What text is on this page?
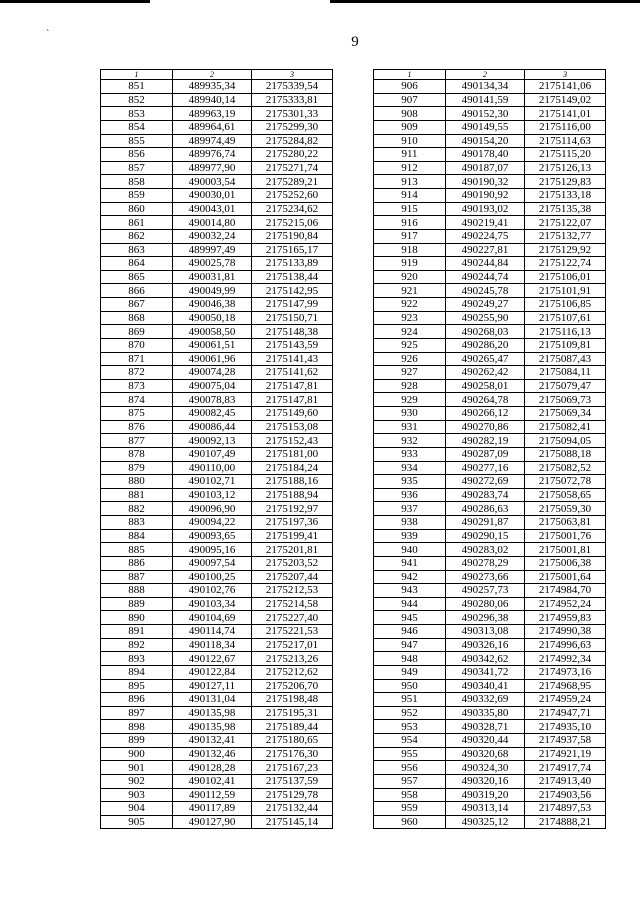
`	9
1	2	3
851	489935,34	2175339,54
852	489940,14	2175333,81
853	489963,19	2175301,33
854	489964,61	2175299,30
855	489974,49	2175284,82
856	489976,74	2175280,22
857	489977,90	2175271,74
858	490003,54	2175289,21
859	490030,01	2175252,60
860	490043,01	2175234,62
861	490014,80	2175215,06
862	490032,24	2175190,84
863	489997,49	2175165,17
864	490025,78	2175133,89
865	490031,81	2175138,44
866	490049,99	2175142,95
867	490046,38	2175147,99
868	490050,18	2175150,71
869	490058,50	2175148,38
870	490061,51	2175143,59
871	490061,96	2175141,43
872	490074,28	2175141,62
873	490075,04	2175147,81
874	490078,83	2175147,81
875	490082,45	2175149,60
876	490086,44	2175153,08
877	490092,13	2175152,43
878	490107,49	2175181,00
879	490110,00	2175184,24
880	490102,71	2175188,16
881	490103,12	2175188,94
882	490096,90	2175192,97
883	490094,22	2175197,36
884	490093,65	2175199,41
885	490095,16	2175201,81
886	490097,54	2175203,52
887	490100,25	2175207,44
888	490102,76	2175212,53
889	490103,34	2175214,58
890	490104,69	2175227,40
891	490114,74	2175221,53
892	490118,34	2175217,01
893	490122,67	2175213,26
894	490122,84	2175212,62
895	490127,11	2175206,70
896	490131,04	2175198,48
897	490135,98	2175195,31
898	490135,98	2175189,44
899	490132,41	2175180,65
900	490132,46	2175176,30
901	490128,28	2175167,23
902	490102,41	2175137,59
903	490112,59	2175129,78
904	490117,89	2175132,44
905	490127,90	2175145,14
1	2	3
906	490134,34	2175141,06
907	490141,59	2175149,02
908	490152,30	2175141,01
909	490149,55	2175116,00
910	490154,20	2175114,63
911	490178,40	2175115,20
912	490187,07	2175126,13
913	490190,32	2175129,83
914	490190,92	2175133,18
915	490193,02	2175135,38
916	490219,41	2175122,07
917	490224,75	2175132,77
918	490227,81	2175129,92
919	490244,84	2175122,74
920	490244,74	2175106,01
921	490245,78	2175101,91
922	490249,27	2175106,85
923	490255,90	2175107,61
924	490268,03	2175116,13
925	490286,20	2175109,81
926	490265,47	2175087,43
927	490262,42	2175084,11
928	490258,01	2175079,47
929	490264,78	2175069,73
930	490266,12	2175069,34
931	490270,86	2175082,41
932	490282,19	2175094,05
933	490287,09	2175088,18
934	490277,16	2175082,52
935	490272,69	2175072,78
936	490283,74	2175058,65
937	490286,63	2175059,30
938	490291,87	2175063,81
939	490290,15	2175001,76
940	490283,02	2175001,81
941	490278,29	2175006,38
942	490273,66	2175001,64
943	490257,73	2174984,70
944	490280,06	2174952,24
945	490296,38	2174959,83
946	490313,08	2174990,38
947	490326,16	2174996,63
948	490342,62	2174992,34
949	490341,72	2174973,16
950	490340,41	2174968,95
951	490332,69	2174959,24
952	490335,80	2174947,71
953	490328,71	2174935,10
954	490320,44	2174937,58
955	490320,68	2174921,19
956	490324,30	2174917,74
957	490320,16	2174913,40
958	490319,20	2174903,56
959	490313,14	2174897,53
960	490325,12	2174888,21
